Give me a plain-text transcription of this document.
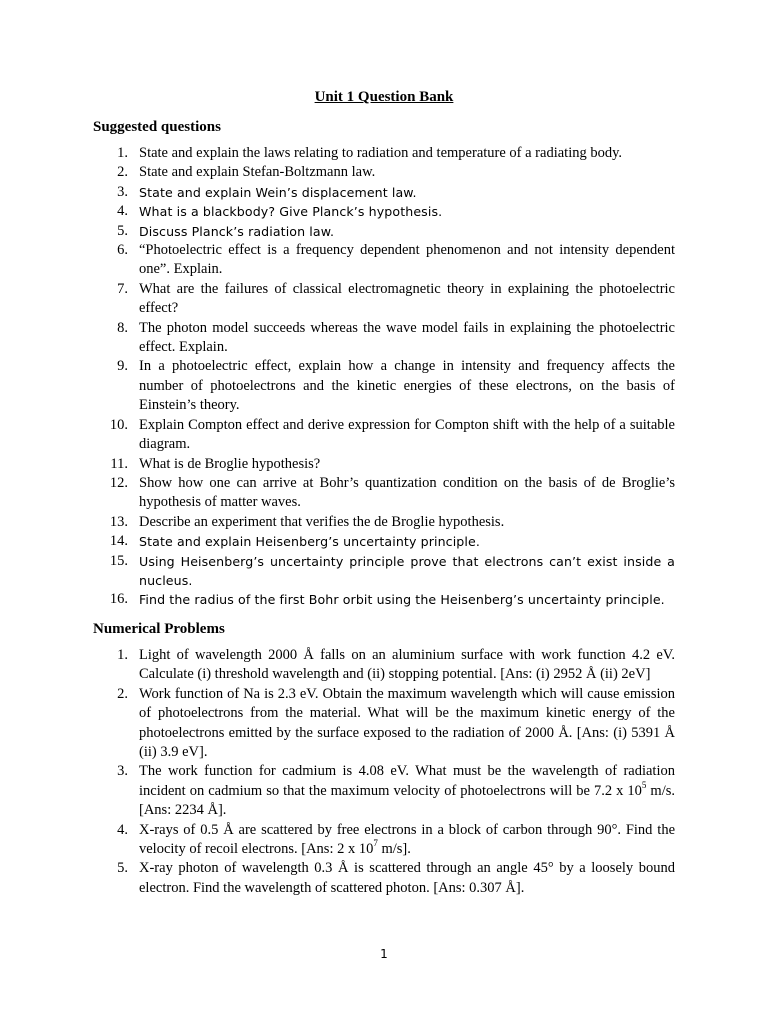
Unit 1 Question Bank
Suggested questions
1. State and explain the laws relating to radiation and temperature of a radiating body.
2. State and explain Stefan-Boltzmann law.
3. State and explain Wein’s displacement law.
4. What is a blackbody? Give Planck’s hypothesis.
5. Discuss Planck’s radiation law.
6. “Photoelectric effect is a frequency dependent phenomenon and not intensity dependent one”. Explain.
7. What are the failures of classical electromagnetic theory in explaining the photoelectric effect?
8. The photon model succeeds whereas the wave model fails in explaining the photoelectric effect. Explain.
9. In a photoelectric effect, explain how a change in intensity and frequency affects the number of photoelectrons and the kinetic energies of these electrons, on the basis of Einstein’s theory.
10. Explain Compton effect and derive expression for Compton shift with the help of a suitable diagram.
11. What is de Broglie hypothesis?
12. Show how one can arrive at Bohr’s quantization condition on the basis of de Broglie’s hypothesis of matter waves.
13. Describe an experiment that verifies the de Broglie hypothesis.
14. State and explain Heisenberg’s uncertainty principle.
15. Using Heisenberg’s uncertainty principle prove that electrons can’t exist inside a nucleus.
16. Find the radius of the first Bohr orbit using the Heisenberg’s uncertainty principle.
Numerical Problems
1. Light of wavelength 2000 Å falls on an aluminium surface with work function 4.2 eV. Calculate (i) threshold wavelength and (ii) stopping potential. [Ans: (i) 2952 Å (ii) 2eV]
2. Work function of Na is 2.3 eV. Obtain the maximum wavelength which will cause emission of photoelectrons from the material. What will be the maximum kinetic energy of the photoelectrons emitted by the surface exposed to the radiation of 2000 Å. [Ans: (i) 5391 Å (ii) 3.9 eV].
3. The work function for cadmium is 4.08 eV. What must be the wavelength of radiation incident on cadmium so that the maximum velocity of photoelectrons will be 7.2 x $10^5$ m/s. [Ans: 2234 Å].
4. X-rays of 0.5 Å are scattered by free electrons in a block of carbon through 90°. Find the velocity of recoil electrons. [Ans: 2 x $10^7$ m/s].
5. X-ray photon of wavelength 0.3 Å is scattered through an angle 45° by a loosely bound electron. Find the wavelength of scattered photon. [Ans: 0.307 Å].
1
